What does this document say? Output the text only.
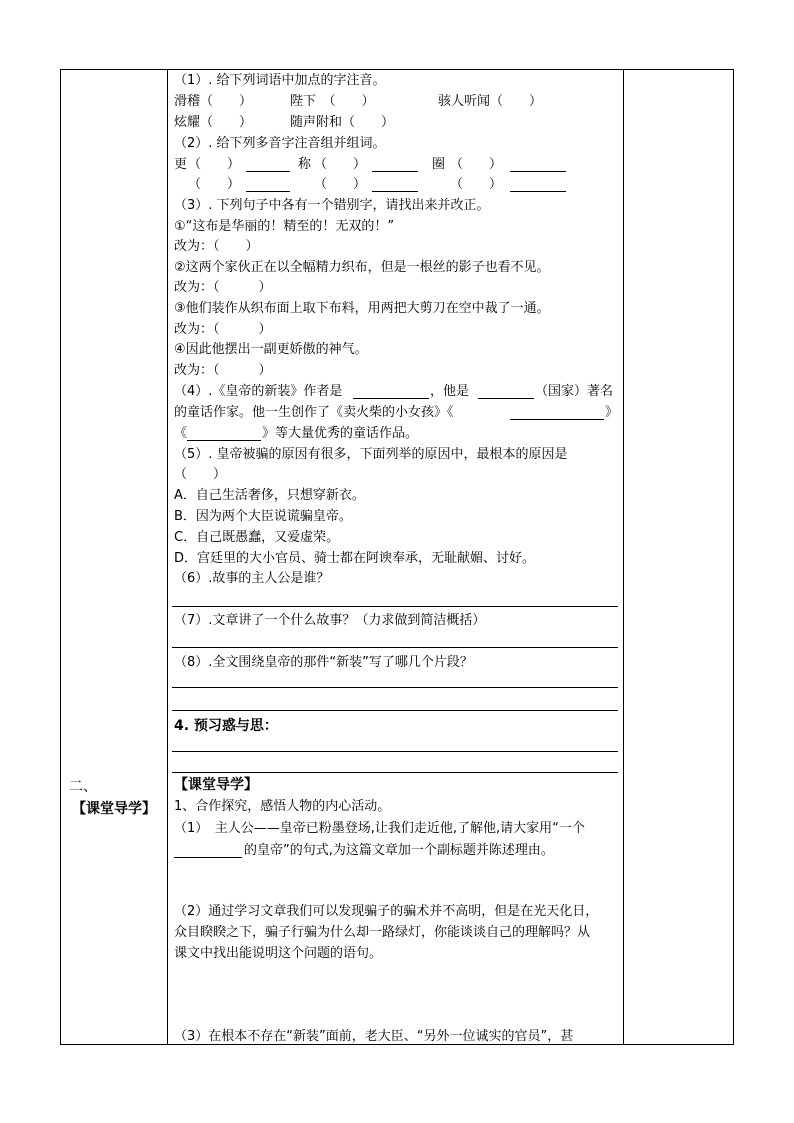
二、
【课堂导学】
（1）. 给下列词语中加点的字注音。
滑稽（　　）	陛下　（　　）	骇人听闻（　　）
炫耀（　　）	随声附和（　　）
（2）. 给下列多音字注音组并组词。
更 （　　）	称 （　　）	圈 （　　）
（　　）	（　　）	（　　）
（3）. 下列句子中各有一个错别字，请找出来并改正。
①“这布是华丽的！精至的！无双的！”
改为：（　　）
②这两个家伙正在以全幅精力织布，但是一根丝的影子也看不见。
改为：（　　　）
③他们装作从织布面上取下布料，用两把大剪刀在空中裁了一通。
改为：（　　　）
④因此他摆出一副更娇傲的神气。
改为：（　　　）
（4）.《皇帝的新装》作者是	，他是	（国家）著名
的童话作家。他一生创作了《卖火柴的小女孩》《	》
《	》等大量优秀的童话作品。
（5）. 皇帝被骗的原因有很多，下面列举的原因中，最根本的原因是
（　　）
A．自己生活奢侈，只想穿新衣。
B．因为两个大臣说谎骗皇帝。
C．自己既愚蠢，又爱虚荣。
D．宫廷里的大小官员、骑士都在阿谀奉承，无耻献媚、讨好。
（6）.故事的主人公是谁？
（7）.文章讲了一个什么故事？（力求做到简洁概括）
（8）.全文围绕皇帝的那件“新装”写了哪几个片段？
4. 预习惑与思：
【课堂导学】
1、合作探究，感悟人物的内心活动。
（1）　主人公——皇帝已粉墨登场,让我们走近他,了解他,请大家用“一个
的皇帝”的句式,为这篇文章加一个副标题并陈述理由。
（2）通过学习文章我们可以发现骗子的骗术并不高明，但是在光天化日，
众目睽睽之下，骗子行骗为什么却一路绿灯，你能谈谈自己的理解吗？从
课文中找出能说明这个问题的语句。
（3）在根本不存在“新装”面前，老大臣、“另外一位诚实的官员”，甚
